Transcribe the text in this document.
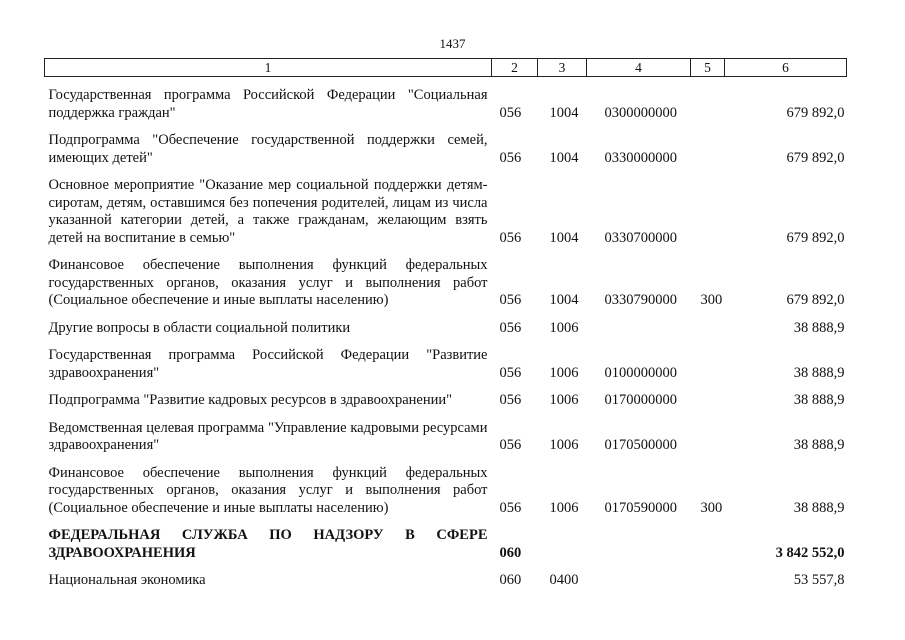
1437
1	2	3	4	5	6

Государственная программа Российской Федерации "Социальная поддержка граждан"	056	1004	0300000000		679 892,0
Подпрограмма "Обеспечение государственной поддержки семей, имеющих детей"	056	1004	0330000000		679 892,0
Основное мероприятие "Оказание мер социальной поддержки детям-сиротам, детям, оставшимся без попечения родителей, лицам из числа указанной категории детей, а также гражданам, желающим взять детей на воспитание в семью"	056	1004	0330700000		679 892,0
Финансовое обеспечение выполнения функций федеральных государственных органов, оказания услуг и выполнения работ (Социальное обеспечение и иные выплаты населению)	056	1004	0330790000	300	679 892,0
Другие вопросы в области социальной политики	056	1006			38 888,9
Государственная программа Российской Федерации "Развитие здравоохранения"	056	1006	0100000000		38 888,9
Подпрограмма "Развитие кадровых ресурсов в здравоохранении"	056	1006	0170000000		38 888,9
Ведомственная целевая программа "Управление кадровыми ресурсами здравоохранения"	056	1006	0170500000		38 888,9
Финансовое обеспечение выполнения функций федеральных государственных органов, оказания услуг и выполнения работ (Социальное обеспечение и иные выплаты населению)	056	1006	0170590000	300	38 888,9
ФЕДЕРАЛЬНАЯ СЛУЖБА ПО НАДЗОРУ В СФЕРЕ ЗДРАВООХРАНЕНИЯ	060				3 842 552,0
Национальная экономика	060	0400			53 557,8
